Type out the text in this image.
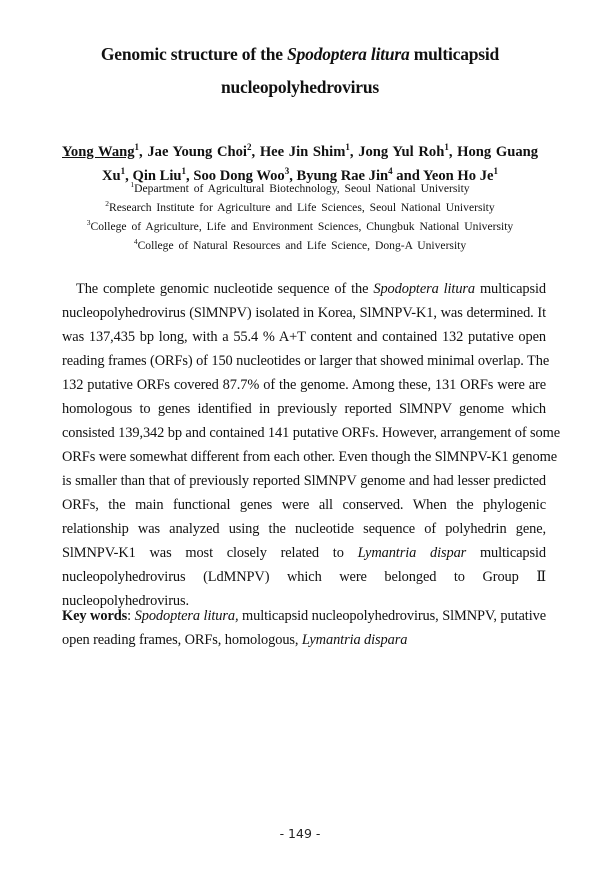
Genomic structure of the Spodoptera litura multicapsid
nucleopolyhedrovirus
Yong Wang$^1$, Jae Young Choi$^2$, Hee Jin Shim$^1$, Jong Yul Roh$^1$, Hong Guang Xu$^1$, Qin Liu$^1$, Soo Dong Woo$^3$, Byung Rae Jin$^4$ and Yeon Ho Je$^1$
$^1$Department of Agricultural Biotechnology, Seoul National University
$^2$Research Institute for Agriculture and Life Sciences, Seoul National University
$^3$College of Agriculture, Life and Environment Sciences, Chungbuk National University
$^4$College of Natural Resources and Life Science, Dong-A University
The complete genomic nucleotide sequence of the Spodoptera litura multicapsid
nucleopolyhedrovirus (SlMNPV) isolated in Korea, SlMNPV-K1, was determined. It
was 137,435 bp long, with a 55.4 % A+T content and contained 132 putative open
reading frames (ORFs) of 150 nucleotides or larger that showed minimal overlap. The
132 putative ORFs covered 87.7% of the genome. Among these, 131 ORFs were are
homologous to genes identified in previously reported SlMNPV genome which
consisted 139,342 bp and contained 141 putative ORFs. However, arrangement of some
ORFs were somewhat different from each other. Even though the SlMNPV-K1 genome
is smaller than that of previously reported SlMNPV genome and had lesser predicted
ORFs, the main functional genes were all conserved. When the phylogenic
relationship was analyzed using the nucleotide sequence of polyhedrin gene,
SlMNPV-K1 was most closely related to Lymantria dispar multicapsid
nucleopolyhedrovirus (LdMNPV) which were belonged to Group Ⅱ
nucleopolyhedrovirus.
Key words: Spodoptera litura, multicapsid nucleopolyhedrovirus, SlMNPV, putative open reading frames, ORFs, homologous, Lymantria dispara
- 149 -
